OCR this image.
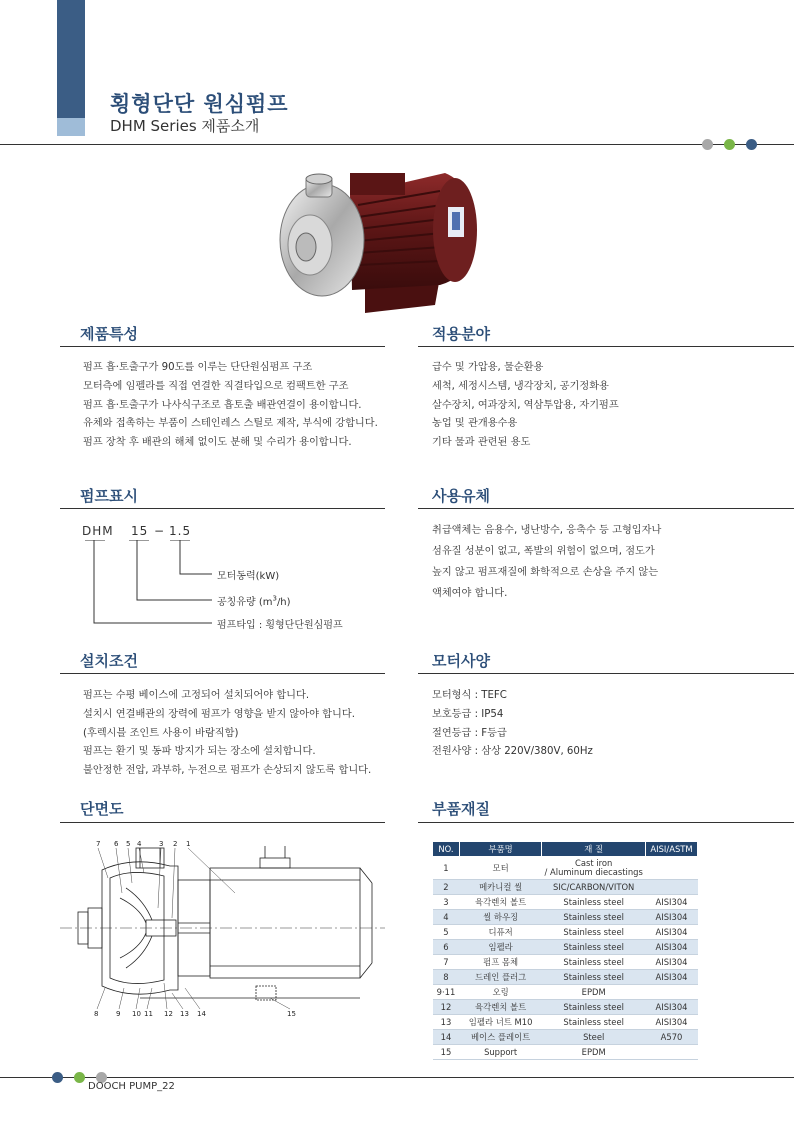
횡형단단 원심펌프
DHM Series 제품소개
제품특성
펌프 흡·토출구가 90도를 이루는 단단원심펌프 구조
모터측에 임펠라를 직접 연결한 직결타입으로 컴팩트한 구조
펌프 흡·토출구가 나사식구조로 흡토출 배관연결이 용이합니다.
유체와 접촉하는 부품이 스테인레스 스틸로 제작, 부식에 강합니다.
펌프 장착 후 배관의 해체 없이도 분해 및 수리가 용이합니다.
적용분야
급수 및 가압용, 물순환용
세척, 세정시스템, 냉각장치, 공기정화용
살수장치, 여과장치, 역삼투압용, 자기펌프
농업 및 관개용수용
기타 물과 관련된 용도
펌프표시
DHM 15 − 1.5
모터동력(kW)
공칭유량 $(m^3/h)$
펌프타입 : 횡형단단원심펌프
사용유체
취급액체는 음용수, 냉난방수, 응축수 등 고형입자나
섬유질 성분이 없고, 폭발의 위험이 없으며, 점도가
높지 않고 펌프재질에 화학적으로 손상을 주지 않는
액체여야 합니다.
설치조건
펌프는 수평 베이스에 고정되어 설치되어야 합니다.
설치시 연결배관의 장력에 펌프가 영향을 받지 않아야 합니다.
(후렉시블 조인트 사용이 바람직함)
펌프는 환기 및 동파 방지가 되는 장소에 설치합니다.
불안정한 전압, 과부하, 누전으로 펌프가 손상되지 않도록 합니다.
모터사양
모터형식 : TEFC
보호등급 : IP54
절연등급 : F등급
전원사양 : 삼상 220V/380V, 60Hz
단면도
7 6 5 4	3 2 1
8	9 10 11 12 13 14	15
부품재질
NO.	부품명	재 질	AISI/ASTM
1	모터	Cast iron
/ Aluminum diecastings	

2	메카니컬 씰	SIC/CARBON/VITON	
3	육각렌치 볼트	Stainless steel	AISI304
4	씰 하우징	Stainless steel	AISI304
5	디퓨저	Stainless steel	AISI304
6	임펠라	Stainless steel	AISI304
7	펌프 몸체	Stainless steel	AISI304
8	드레인 플러그	Stainless steel	AISI304
9·11	오링	EPDM	
12	육각렌치 볼트	Stainless steel	AISI304
13	임펠라 너트 M10	Stainless steel	AISI304
14	베이스 플레이트	Steel	A570
15	Support	EPDM	
DOOCH PUMP_22
